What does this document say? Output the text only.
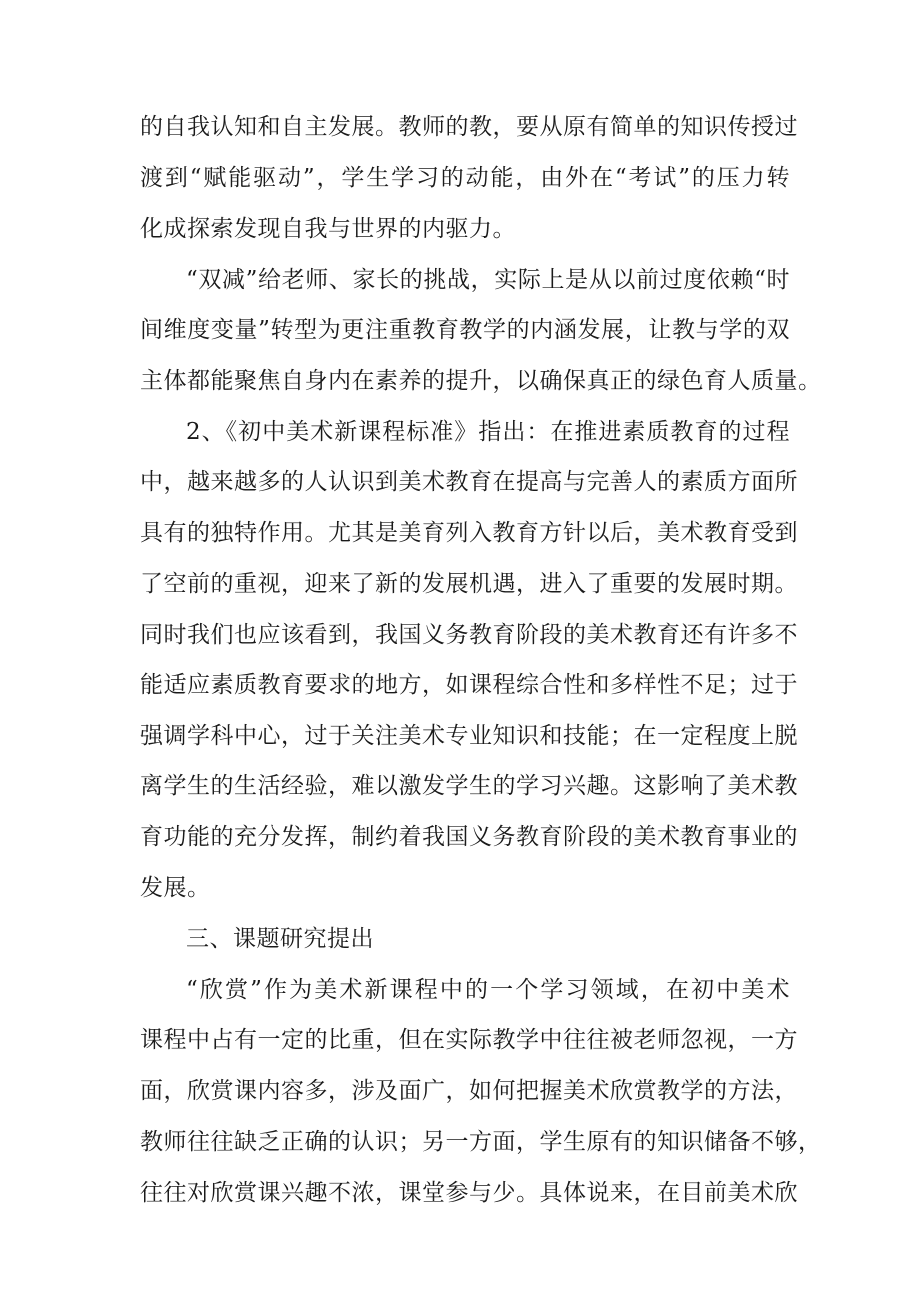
的自我认知和自主发展。教师的教，要从原有简单的知识传授过
渡到“赋能驱动”，学生学习的动能，由外在“考试”的压力转
化成探索发现自我与世界的内驱力。
“双减”给老师、家长的挑战，实际上是从以前过度依赖“时
间维度变量”转型为更注重教育教学的内涵发展，让教与学的双
主体都能聚焦自身内在素养的提升，以确保真正的绿色育人质量。
2、《初中美术新课程标准》指出：在推进素质教育的过程
中，越来越多的人认识到美术教育在提高与完善人的素质方面所
具有的独特作用。尤其是美育列入教育方针以后，美术教育受到
了空前的重视，迎来了新的发展机遇，进入了重要的发展时期。
同时我们也应该看到，我国义务教育阶段的美术教育还有许多不
能适应素质教育要求的地方，如课程综合性和多样性不足；过于
强调学科中心，过于关注美术专业知识和技能；在一定程度上脱
离学生的生活经验，难以激发学生的学习兴趣。这影响了美术教
育功能的充分发挥，制约着我国义务教育阶段的美术教育事业的
发展。
三、课题研究提出
“欣赏”作为美术新课程中的一个学习领域，在初中美术
课程中占有一定的比重，但在实际教学中往往被老师忽视，一方
面，欣赏课内容多，涉及面广，如何把握美术欣赏教学的方法，
教师往往缺乏正确的认识；另一方面，学生原有的知识储备不够，
往往对欣赏课兴趣不浓，课堂参与少。具体说来，在目前美术欣
